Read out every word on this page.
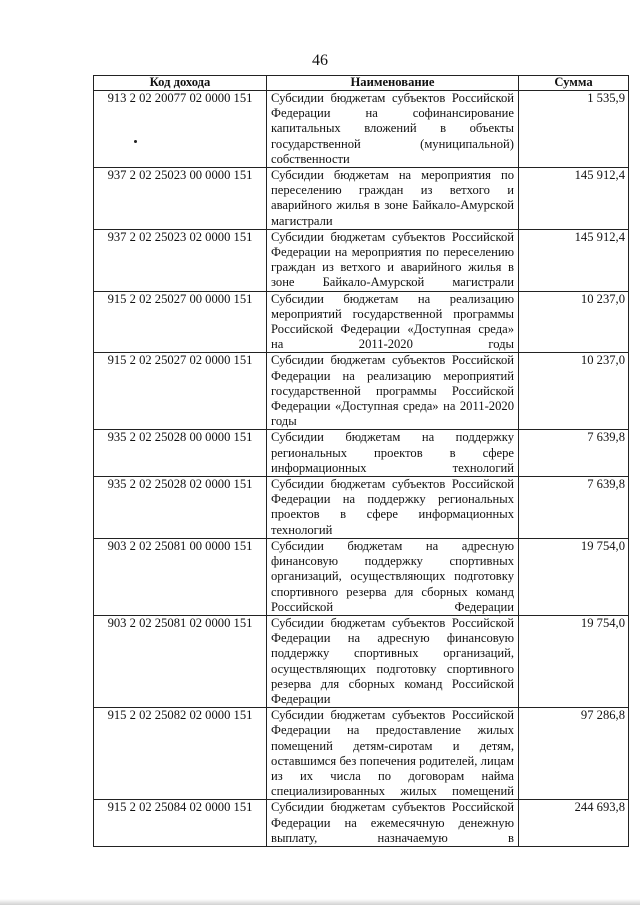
46
Код дохода	Наименование	Сумма
913 2 02 20077 02 0000 151	Субсидии бюджетам субъектов Российской Федерации на софинансирование капитальных вложений в объекты государственной (муниципальной) собственности	1 535,9
937 2 02 25023 00 0000 151	Субсидии бюджетам на мероприятия по переселению граждан из ветхого и аварийного жилья в зоне Байкало-Амурской магистрали	145 912,4
937 2 02 25023 02 0000 151	Субсидии бюджетам субъектов Российской Федерации на мероприятия по переселению граждан из ветхого и аварийного жилья в зоне Байкало-Амурской магистрали	145 912,4
915 2 02 25027 00 0000 151	Субсидии бюджетам на реализацию мероприятий государственной программы Российской Федерации «Доступная среда» на 2011-2020 годы	10 237,0
915 2 02 25027 02 0000 151	Субсидии бюджетам субъектов Российской Федерации на реализацию мероприятий государственной программы Российской Федерации «Доступная среда» на 2011-2020 годы	10 237,0
935 2 02 25028 00 0000 151	Субсидии бюджетам на поддержку региональных проектов в сфере информационных технологий	7 639,8
935 2 02 25028 02 0000 151	Субсидии бюджетам субъектов Российской Федерации на поддержку региональных проектов в сфере информационных технологий	7 639,8
903 2 02 25081 00 0000 151	Субсидии бюджетам на адресную финансовую поддержку спортивных организаций, осуществляющих подготовку спортивного резерва для сборных команд Российской Федерации	19 754,0
903 2 02 25081 02 0000 151	Субсидии бюджетам субъектов Российской Федерации на адресную финансовую поддержку спортивных организаций, осуществляющих подготовку спортивного резерва для сборных команд Российской Федерации	19 754,0
915 2 02 25082 02 0000 151	Субсидии бюджетам субъектов Российской Федерации на предоставление жилых помещений детям-сиротам и детям, оставшимся без попечения родителей, лицам из их числа по договорам найма специализированных жилых помещений	97 286,8
915 2 02 25084 02 0000 151	Субсидии бюджетам субъектов Российской Федерации на ежемесячную денежную выплату, назначаемую в	244 693,8
